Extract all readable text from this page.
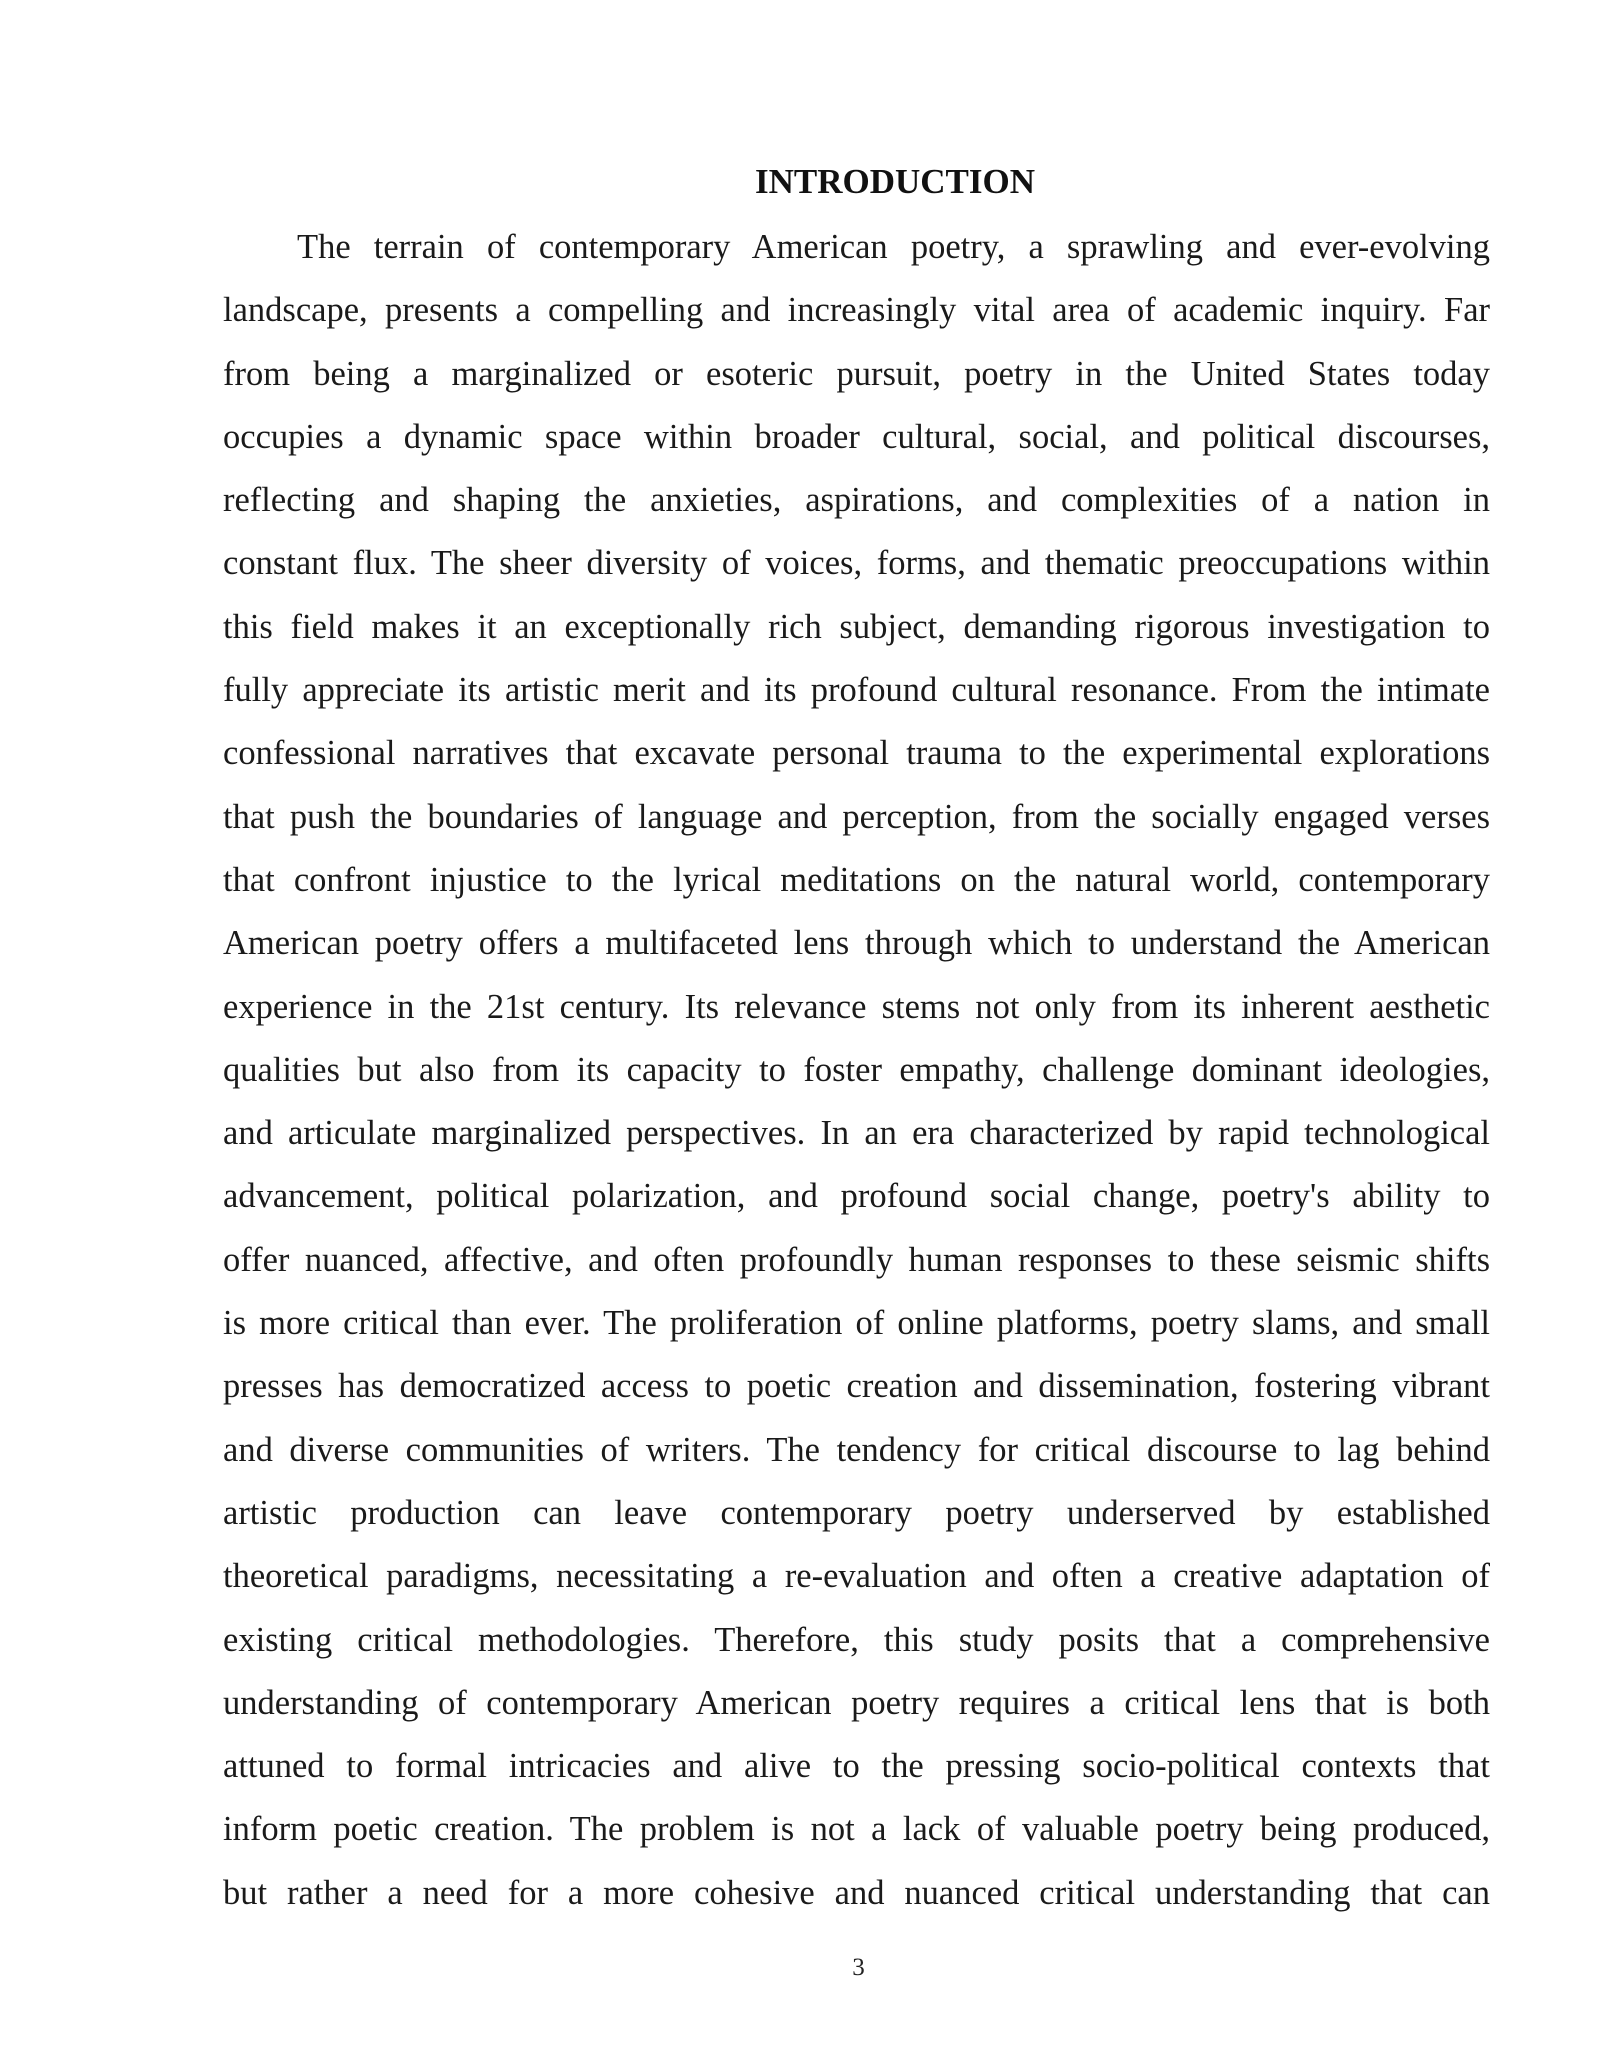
INTRODUCTION
The terrain of contemporary American poetry, a sprawling and ever-evolving
landscape, presents a compelling and increasingly vital area of academic inquiry. Far
from being a marginalized or esoteric pursuit, poetry in the United States today
occupies a dynamic space within broader cultural, social, and political discourses,
reflecting and shaping the anxieties, aspirations, and complexities of a nation in
constant flux. The sheer diversity of voices, forms, and thematic preoccupations within
this field makes it an exceptionally rich subject, demanding rigorous investigation to
fully appreciate its artistic merit and its profound cultural resonance. From the intimate
confessional narratives that excavate personal trauma to the experimental explorations
that push the boundaries of language and perception, from the socially engaged verses
that confront injustice to the lyrical meditations on the natural world, contemporary
American poetry offers a multifaceted lens through which to understand the American
experience in the 21st century. Its relevance stems not only from its inherent aesthetic
qualities but also from its capacity to foster empathy, challenge dominant ideologies,
and articulate marginalized perspectives. In an era characterized by rapid technological
advancement, political polarization, and profound social change, poetry's ability to
offer nuanced, affective, and often profoundly human responses to these seismic shifts
is more critical than ever. The proliferation of online platforms, poetry slams, and small
presses has democratized access to poetic creation and dissemination, fostering vibrant
and diverse communities of writers. The tendency for critical discourse to lag behind
artistic production can leave contemporary poetry underserved by established
theoretical paradigms, necessitating a re-evaluation and often a creative adaptation of
existing critical methodologies. Therefore, this study posits that a comprehensive
understanding of contemporary American poetry requires a critical lens that is both
attuned to formal intricacies and alive to the pressing socio-political contexts that
inform poetic creation. The problem is not a lack of valuable poetry being produced,
but rather a need for a more cohesive and nuanced critical understanding that can
3
